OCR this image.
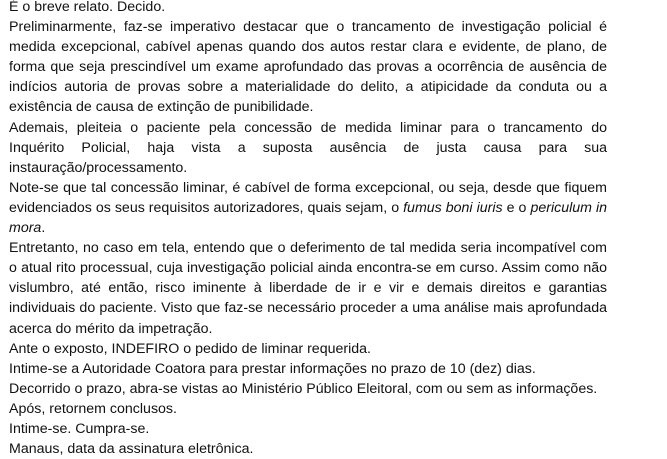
É o breve relato. Decido.

Preliminarmente, faz-se imperativo destacar que o trancamento de investigação policial é medida excepcional, cabível apenas quando dos autos restar clara e evidente, de plano, de forma que seja prescindível um exame aprofundado das provas a ocorrência de ausência de indícios autoria de provas sobre a materialidade do delito, a atipicidade da conduta ou a existência de causa de extinção de punibilidade.

Ademais, pleiteia o paciente pela concessão de medida liminar para o trancamento do Inquérito Policial, haja vista a suposta ausência de justa causa para sua instauração/processamento.

Note-se que tal concessão liminar, é cabível de forma excepcional, ou seja, desde que fiquem evidenciados os seus requisitos autorizadores, quais sejam, o fumus boni iuris e o periculum in mora.

Entretanto, no caso em tela, entendo que o deferimento de tal medida seria incompatível com o atual rito processual, cuja investigação policial ainda encontra-se em curso. Assim como não vislumbro, até então, risco iminente à liberdade de ir e vir e demais direitos e garantias individuais do paciente. Visto que faz-se necessário proceder a uma análise mais aprofundada acerca do mérito da impetração.

Ante o exposto, INDEFIRO o pedido de liminar requerida.

Intime-se a Autoridade Coatora para prestar informações no prazo de 10 (dez) dias.

Decorrido o prazo, abra-se vistas ao Ministério Público Eleitoral, com ou sem as informações.

Após, retornem conclusos.

Intime-se. Cumpra-se.

Manaus, data da assinatura eletrônica.
